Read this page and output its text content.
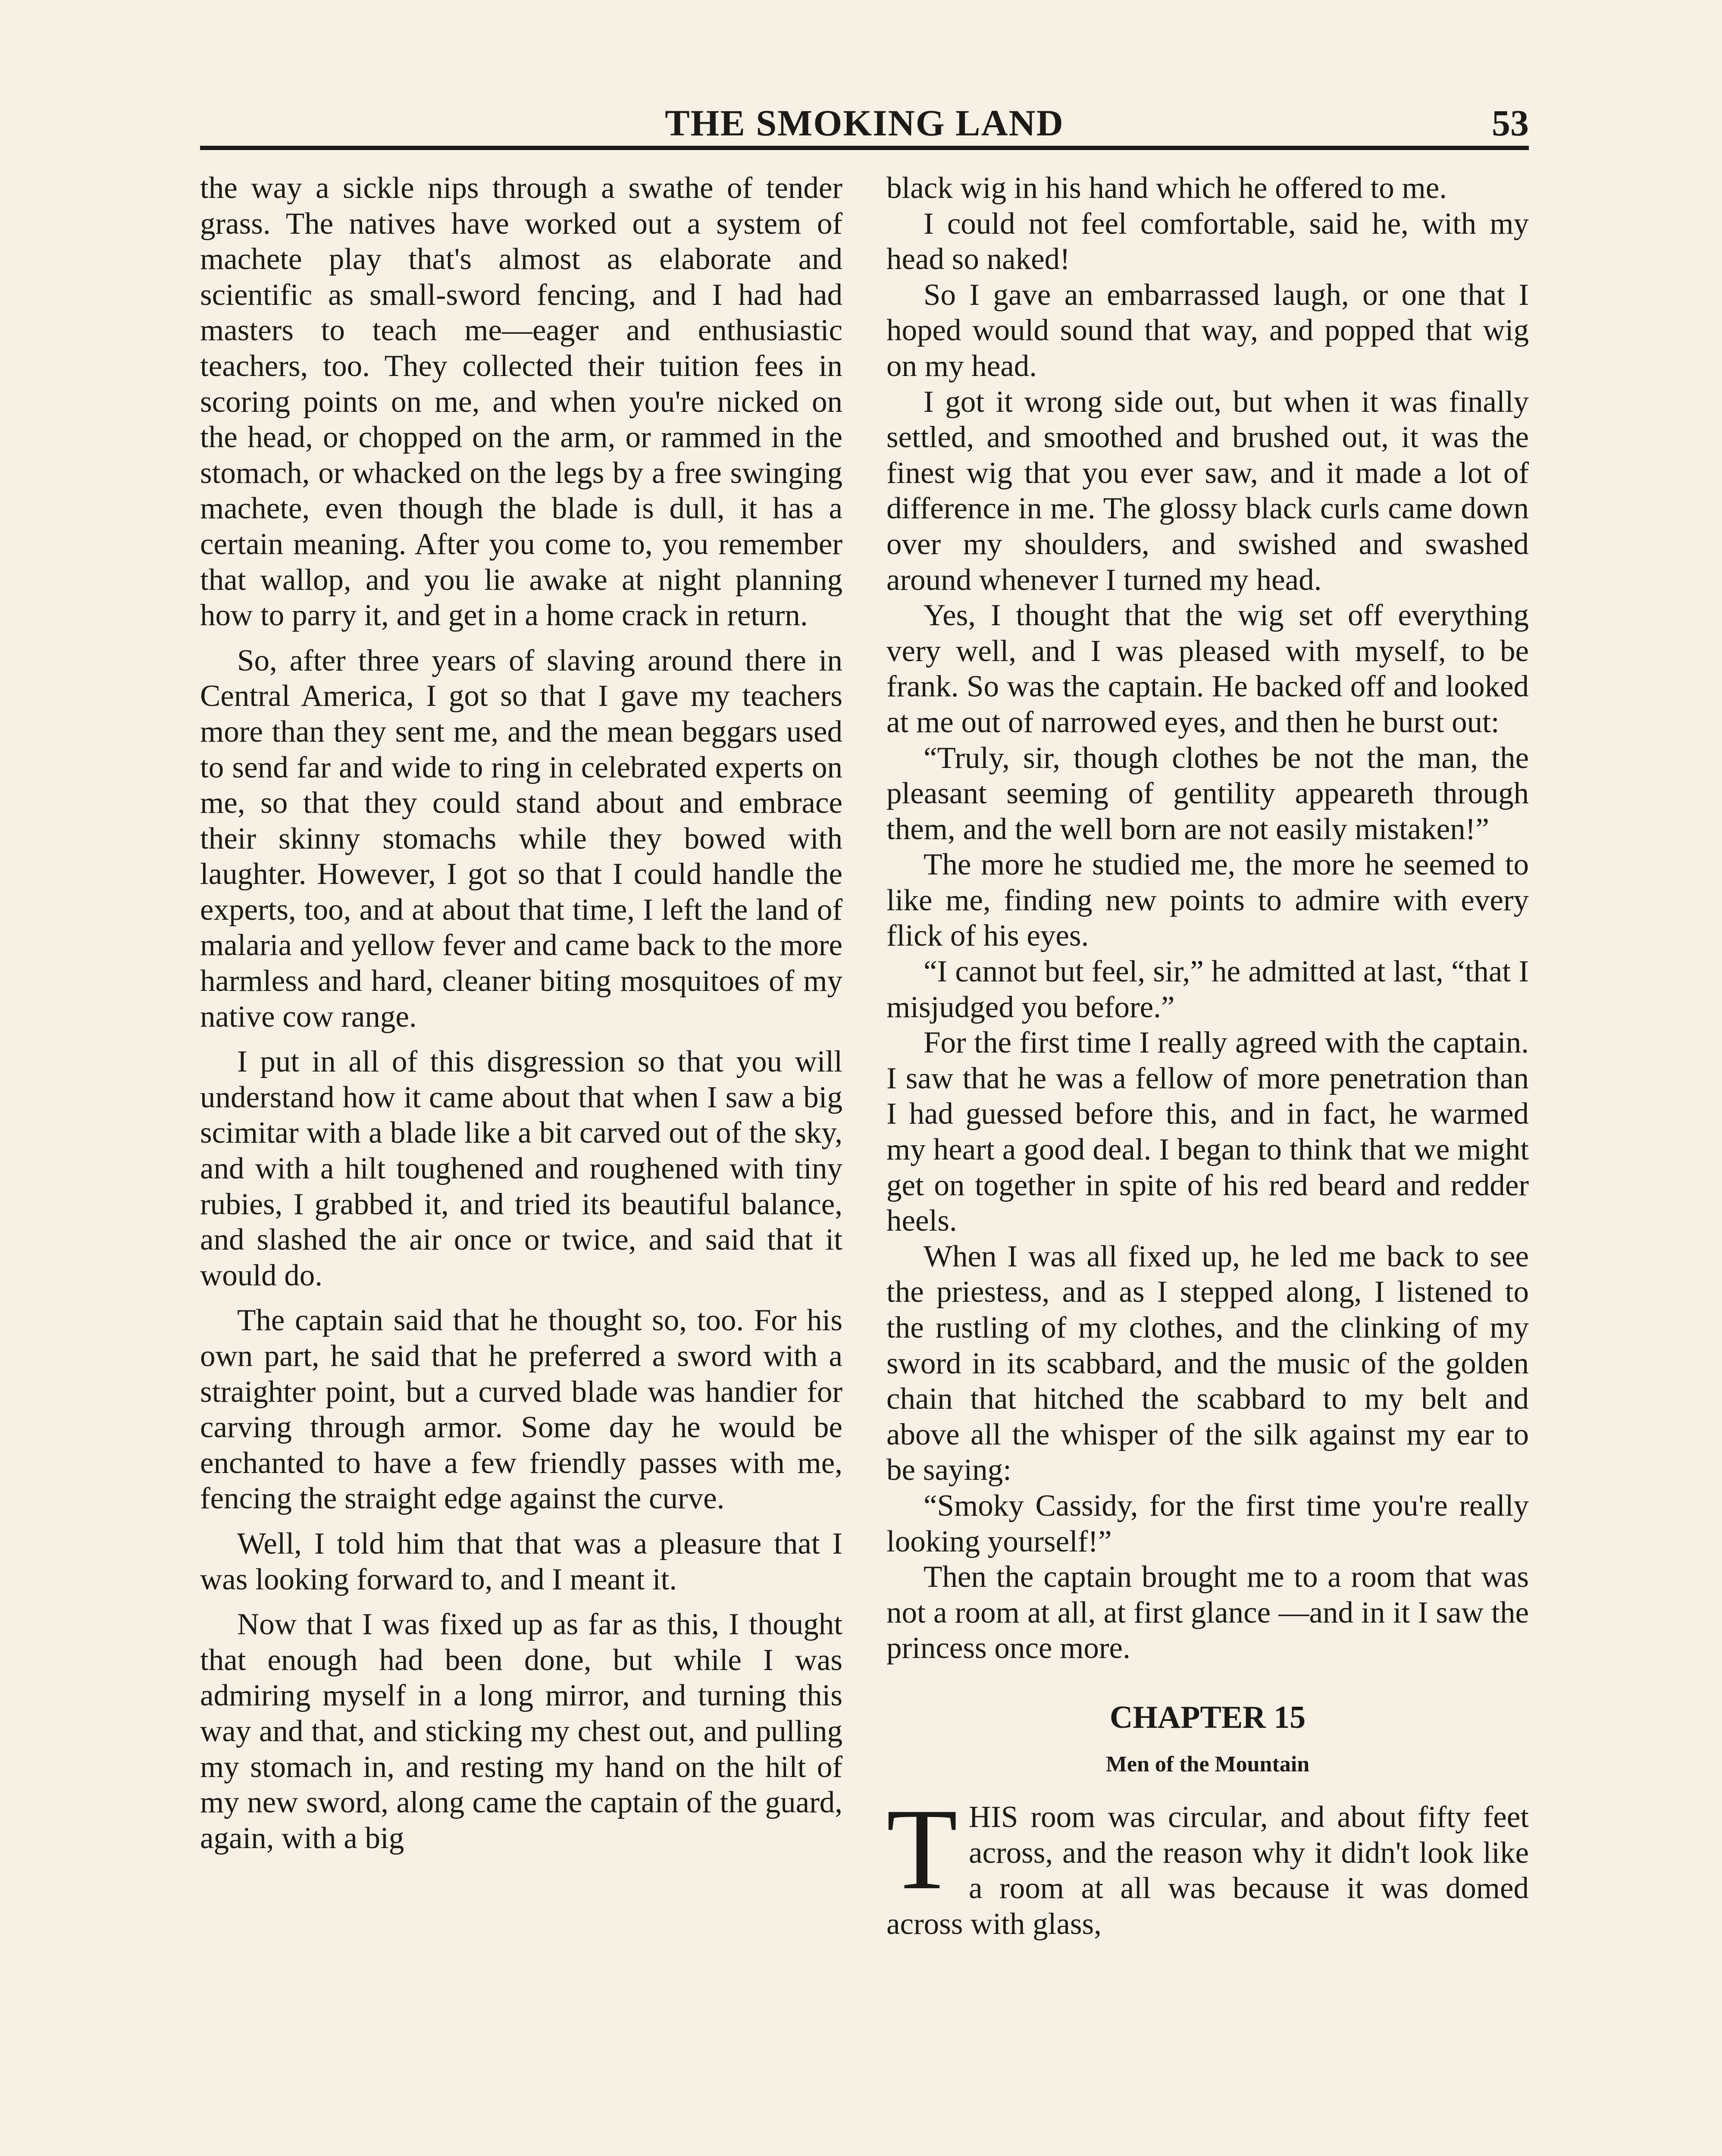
THE SMOKING LAND	53

the way a sickle nips through a swathe of tender grass. The natives have worked out a system of machete play that's almost as elaborate and scientific as small-sword fencing, and I had had masters to teach me—eager and enthusiastic teachers, too. They collected their tuition fees in scoring points on me, and when you're nicked on the head, or chopped on the arm, or rammed in the stomach, or whacked on the legs by a free swinging machete, even though the blade is dull, it has a certain meaning. After you come to, you remember that wallop, and you lie awake at night planning how to parry it, and get in a home crack in return.

So, after three years of slaving around there in Central America, I got so that I gave my teachers more than they sent me, and the mean beggars used to send far and wide to ring in celebrated experts on me, so that they could stand about and embrace their skinny stomachs while they bowed with laughter. However, I got so that I could handle the experts, too, and at about that time, I left the land of malaria and yellow fever and came back to the more harmless and hard, cleaner biting mosquitoes of my native cow range.

I put in all of this disgression so that you will understand how it came about that when I saw a big scimitar with a blade like a bit carved out of the sky, and with a hilt toughened and roughened with tiny rubies, I grabbed it, and tried its beautiful balance, and slashed the air once or twice, and said that it would do.

The captain said that he thought so, too. For his own part, he said that he preferred a sword with a straighter point, but a curved blade was handier for carving through armor. Some day he would be enchanted to have a few friendly passes with me, fencing the straight edge against the curve.

Well, I told him that that was a pleasure that I was looking forward to, and I meant it.

Now that I was fixed up as far as this, I thought that enough had been done, but while I was admiring myself in a long mirror, and turning this way and that, and sticking my chest out, and pulling my stomach in, and resting my hand on the hilt of my new sword, along came the captain of the guard, again, with a big

black wig in his hand which he offered to me.

I could not feel comfortable, said he, with my head so naked!

So I gave an embarrassed laugh, or one that I hoped would sound that way, and popped that wig on my head.

I got it wrong side out, but when it was finally settled, and smoothed and brushed out, it was the finest wig that you ever saw, and it made a lot of difference in me. The glossy black curls came down over my shoulders, and swished and swashed around whenever I turned my head.

Yes, I thought that the wig set off everything very well, and I was pleased with myself, to be frank. So was the captain. He backed off and looked at me out of narrowed eyes, and then he burst out:

“Truly, sir, though clothes be not the man, the pleasant seeming of gentility appeareth through them, and the well born are not easily mistaken!”

The more he studied me, the more he seemed to like me, finding new points to admire with every flick of his eyes.

“I cannot but feel, sir,” he admitted at last, “that I misjudged you before.”

For the first time I really agreed with the captain. I saw that he was a fellow of more penetration than I had guessed before this, and in fact, he warmed my heart a good deal. I began to think that we might get on together in spite of his red beard and redder heels.

When I was all fixed up, he led me back to see the priestess, and as I stepped along, I listened to the rustling of my clothes, and the clinking of my sword in its scabbard, and the music of the golden chain that hitched the scabbard to my belt and above all the whisper of the silk against my ear to be saying:

“Smoky Cassidy, for the first time you're really looking yourself!”

Then the captain brought me to a room that was not a room at all, at first glance —and in it I saw the princess once more.

CHAPTER 15
Men of the Mountain
T HIS room was circular, and about fifty feet across, and the reason why it didn't look like a room at all was because it was domed across with glass,
